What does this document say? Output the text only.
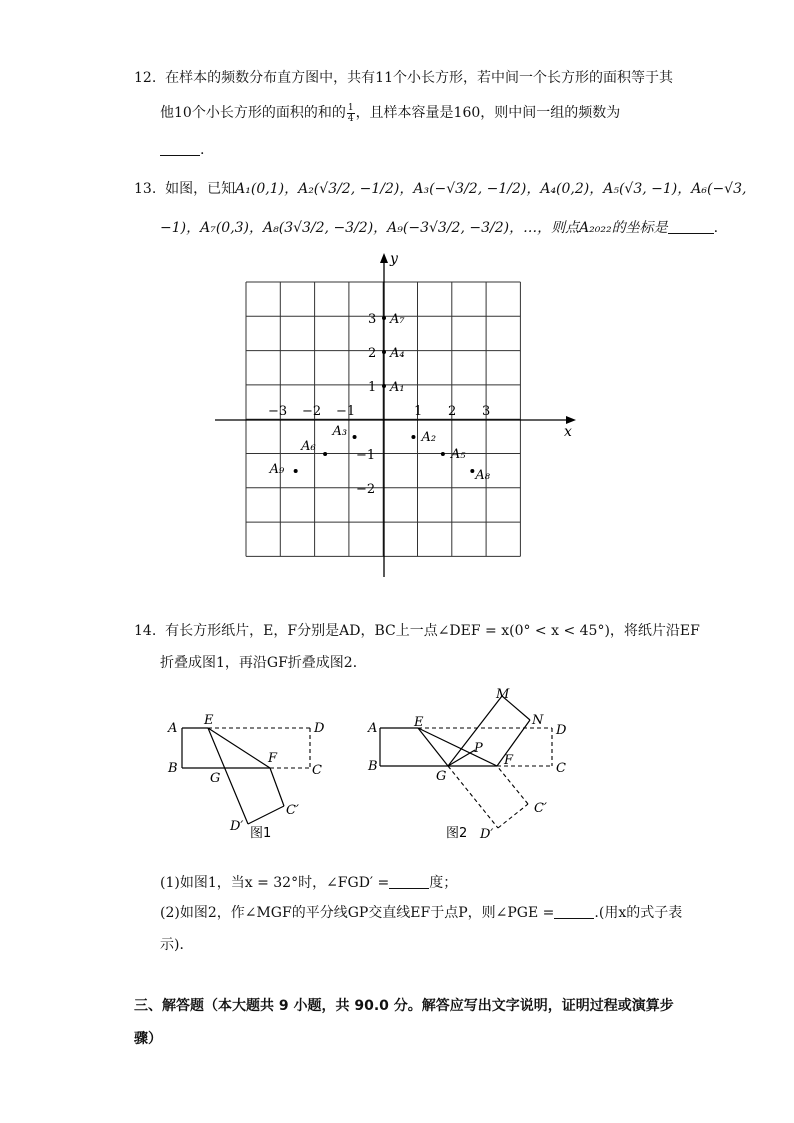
12. 在样本的频数分布直方图中，共有11个小长方形，若中间一个长方形的面积等于其
他10个小长方形的面积的和的 $\frac{1}{4}$ ，且样本容量是160，则中间一组的频数为
.
13. 如图，已知A₁(0,1)，A₂(√3/2, −1/2)，A₃(−√3/2, −1/2)，A₄(0,2)，A₅(√3, −1)，A₆(−√3,
−1)，A₇(0,3)，A₈(3√3/2, −3/2)，A₉(−3√3/2, −3/2)，…，则点A₂₀₂₂的坐标是	.
x
y
−3 −2 −1	1 2 3
3
2
1
−1
−2
A₁
A₂
A₃
A₄
A₅
A₆
A₇
A₈
A₉
14. 有长方形纸片，E，F分别是AD，BC上一点∠DEF = x(0° < x < 45°)，将纸片沿EF
折叠成图1，再沿GF折叠成图2．
A
E
D
B
G
F
C
D′
C′
图1
A	E
M
N
D
P
B
G
F
C
C′
D′
图2
(1)如图1，当x = 32°时，∠FGD′ =	度；
(2)如图2，作∠MGF的平分线GP交直线EF于点P，则∠PGE =	.(用x的式子表
示)．
三、解答题（本大题共 9 小题，共 90.0 分。解答应写出文字说明，证明过程或演算步
骤）
